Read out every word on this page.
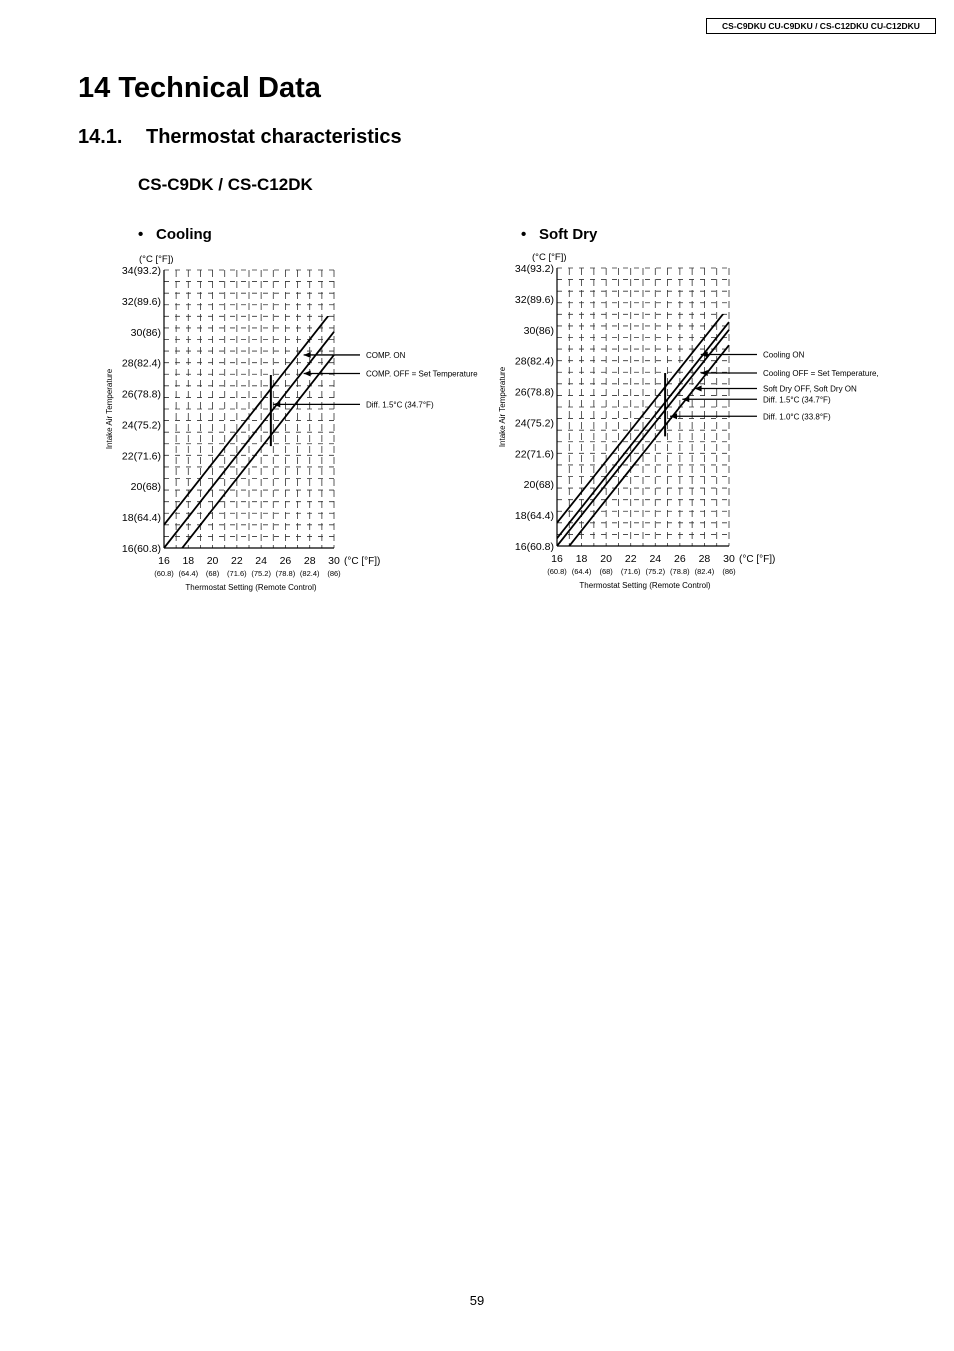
CS-C9DKU CU-C9DKU / CS-C12DKU CU-C12DKU
14 Technical Data
14.1. Thermostat characteristics
CS-C9DK / CS-C12DK
• Cooling	• Soft Dry
16(60.8)
18(64.4)
20(68)
22(71.6)
24(75.2)
26(78.8)
28(82.4)
30(86)
32(89.6)
34(93.2)
(°C [°F])
16
(60.8)
18
(64.4)
20
(68)
22
(71.6)
24
(75.2)
26
(78.8)
28
(82.4)
30
(86)
(°C [°F])
Thermostat Setting (Remote Control)
Intake Air Temperature
COMP. ON
COMP. OFF = Set Temperature
Diff. 1.5°C (34.7°F)
16(60.8)
18(64.4)
20(68)
22(71.6)
24(75.2)
26(78.8)
28(82.4)
30(86)
32(89.6)
34(93.2)
(°C [°F])
16
(60.8)
18
(64.4)
20
(68)
22
(71.6)
24
(75.2)
26
(78.8)
28
(82.4)
30
(86)
(°C [°F])
Thermostat Setting (Remote Control)
Intake Air Temperature
Cooling ON
Cooling OFF = Set Temperature,
Soft Dry OFF, Soft Dry ON
Diff. 1.5°C (34.7°F)
Diff. 1.0°C (33.8°F)
59
